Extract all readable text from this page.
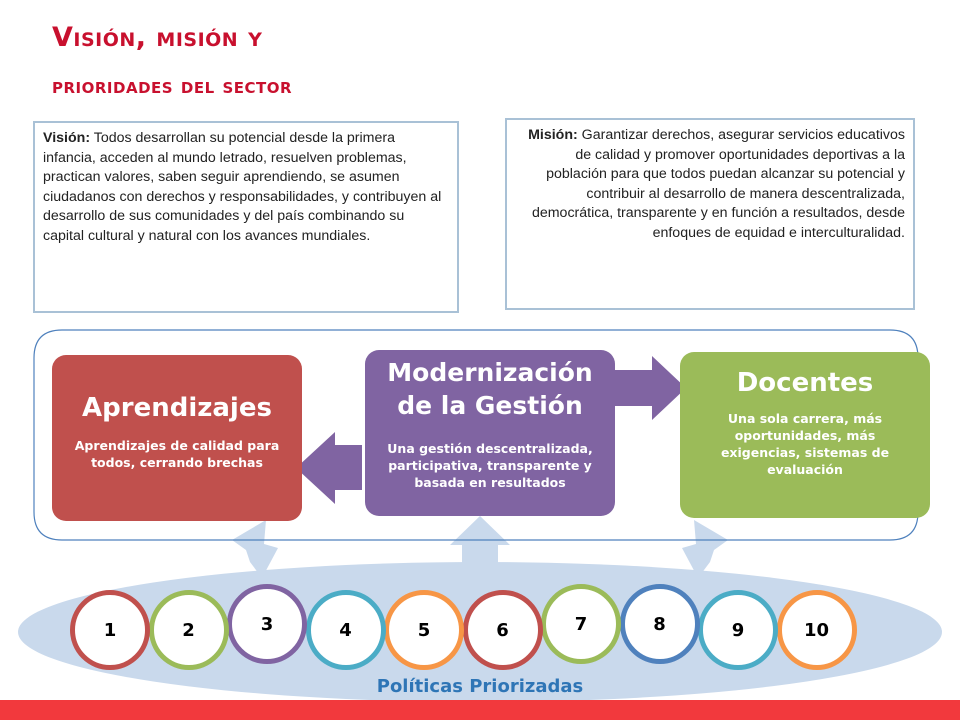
Visión, misión y
prioridades del sector
Visión: Todos desarrollan su potencial desde la primera infancia, acceden al mundo letrado, resuelven problemas, practican valores, saben seguir aprendiendo, se asumen ciudadanos con derechos y responsabilidades, y contribuyen al desarrollo de sus comunidades y del país combinando su capital cultural y natural con los avances mundiales.
Misión: Garantizar derechos, asegurar servicios educativos de calidad y promover oportunidades deportivas a la población para que todos puedan alcanzar su potencial y contribuir al desarrollo de manera descentralizada, democrática, transparente y en función a resultados, desde enfoques de equidad e interculturalidad.
Aprendizajes
Aprendizajes de calidad para todos, cerrando brechas
Modernización de la Gestión
Una gestión descentralizada, participativa, transparente y basada en resultados
Docentes
Una sola carrera, más oportunidades, más exigencias, sistemas de evaluación
1	2	3	4	5	6	7	8	9	10
Políticas Priorizadas
